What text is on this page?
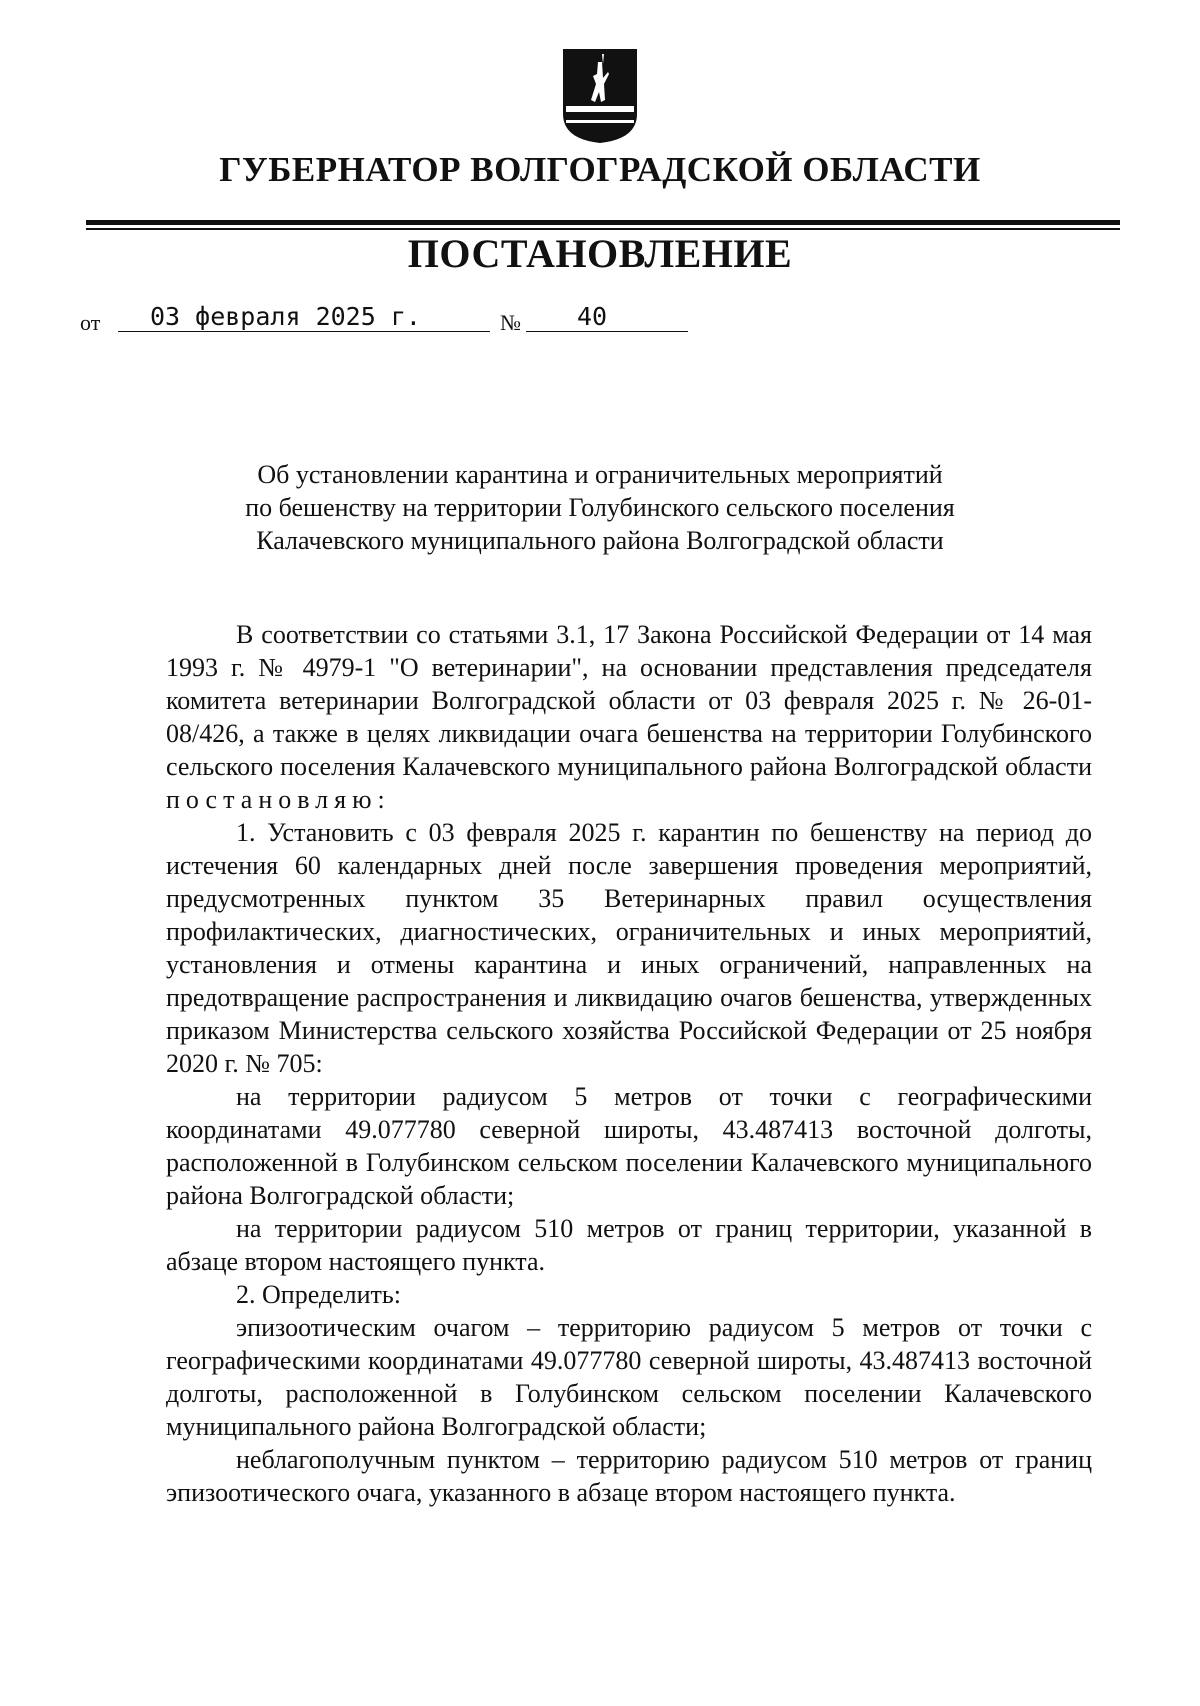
ГУБЕРНАТОР ВОЛГОГРАДСКОЙ ОБЛАСТИ
ПОСТАНОВЛЕНИЕ
от 03 февраля 2025 г.	№ 40

Об установлении карантина и ограничительных мероприятий

по бешенству на территории Голубинского сельского поселения

Калачевского муниципального района Волгоградской области

В соответствии со статьями 3.1, 17 Закона Российской Федерации от 14 мая 1993 г. № 4979-1 "О ветеринарии", на основании представления председателя комитета ветеринарии Волгоградской области от 03 февраля 2025 г. № 26-01-08/426, а также в целях ликвидации очага бешенства на территории Голубинского сельского поселения Калачевского муниципального района Волгоградской области постановляю:

1. Установить с 03 февраля 2025 г. карантин по бешенству на период до истечения 60 календарных дней после завершения проведения мероприятий, предусмотренных пунктом 35 Ветеринарных правил осуществления профилактических, диагностических, ограничительных и иных мероприятий, установления и отмены карантина и иных ограничений, направленных на предотвращение распространения и ликвидацию очагов бешенства, утвержденных приказом Министерства сельского хозяйства Российской Федерации от 25 ноября 2020 г. № 705:

на территории радиусом 5 метров от точки с географическими координатами 49.077780 северной широты, 43.487413 восточной долготы, расположенной в Голубинском сельском поселении Калачевского муниципального района Волгоградской области;

на территории радиусом 510 метров от границ территории, указанной в абзаце втором настоящего пункта.

2. Определить:

эпизоотическим очагом – территорию радиусом 5 метров от точки с географическими координатами 49.077780 северной широты, 43.487413 восточной долготы, расположенной в Голубинском сельском поселении Калачевского муниципального района Волгоградской области;

неблагополучным пунктом – территорию радиусом 510 метров от границ эпизоотического очага, указанного в абзаце втором настоящего пункта.
